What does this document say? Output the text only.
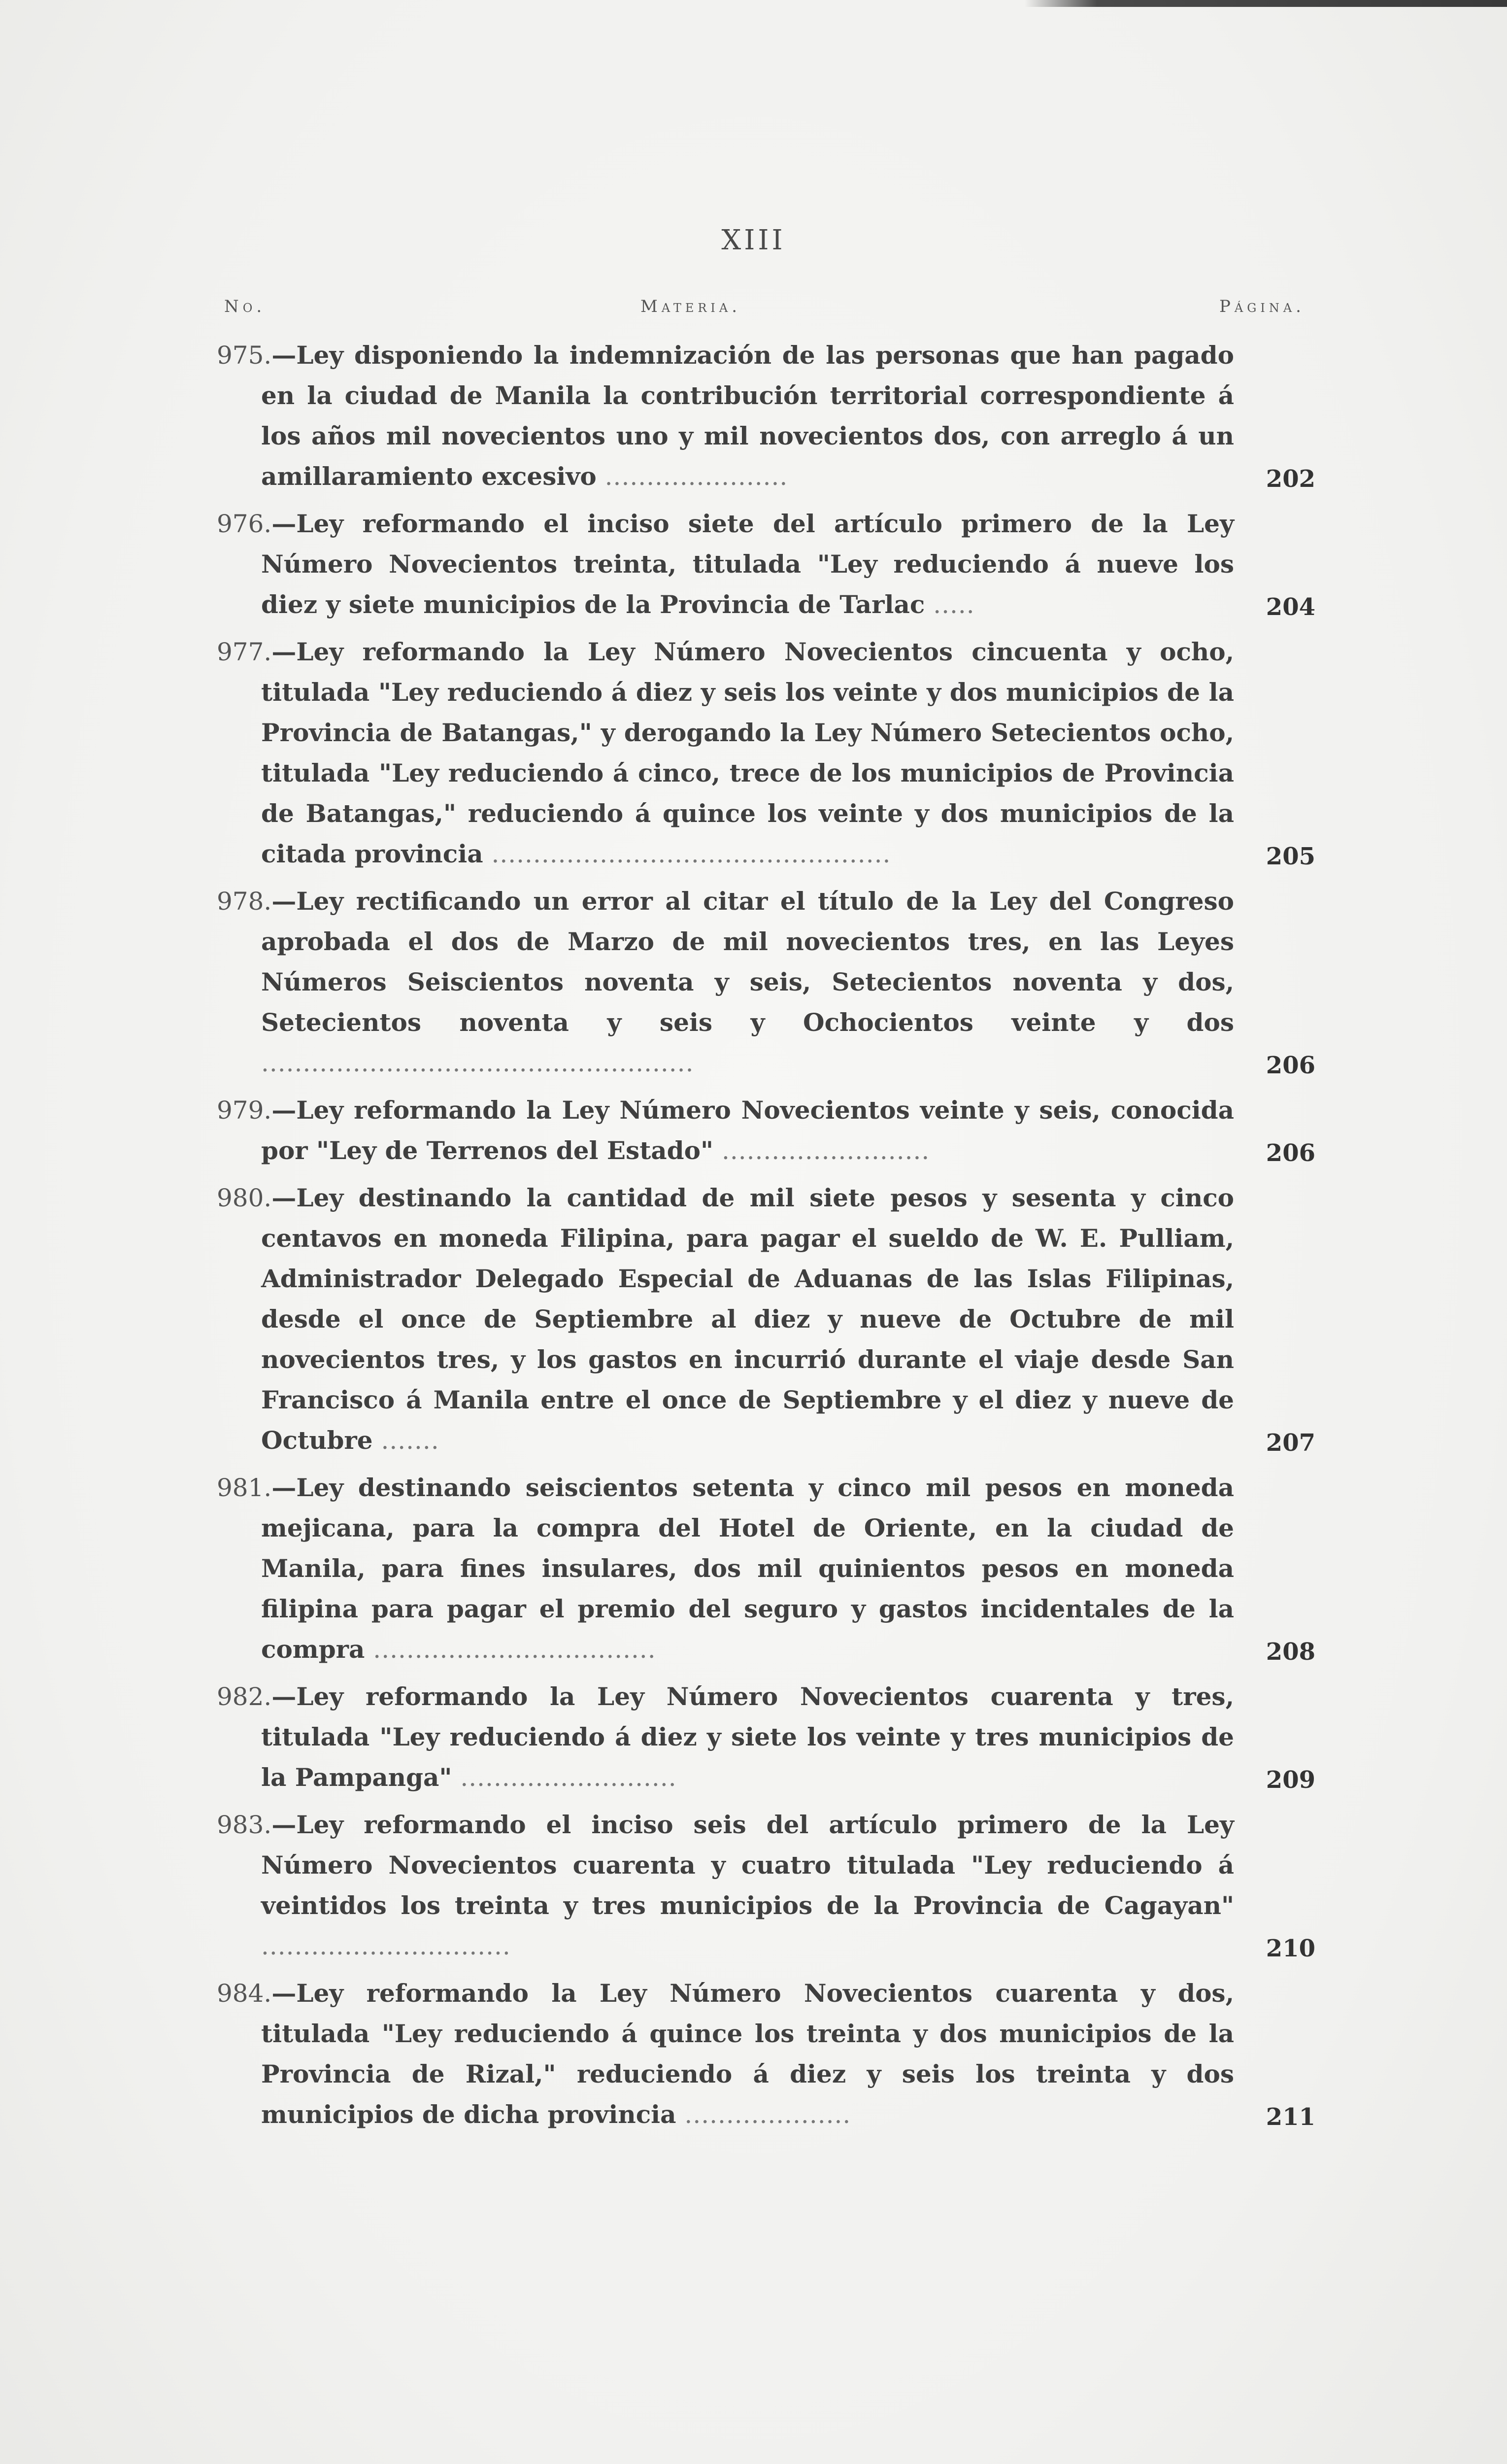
XIII
No.	Materia.	Página.
975.—Ley disponiendo la indemnización de las personas que han pagado en la ciudad de Manila la contribución territorial correspondiente á los años mil novecientos uno y mil novecientos dos, con arreglo á un amillaramiento excesivo ......................	202
976.—Ley reformando el inciso siete del artículo primero de la Ley Número Novecientos treinta, titulada "Ley reduciendo á nueve los diez y siete municipios de la Provincia de Tarlac .....	204
977.—Ley reformando la Ley Número Novecientos cincuenta y ocho, titulada "Ley reduciendo á diez y seis los veinte y dos municipios de la Provincia de Batangas," y derogando la Ley Número Setecientos ocho, titulada "Ley reduciendo á cinco, trece de los municipios de Provincia de Batangas," reduciendo á quince los veinte y dos municipios de la citada provincia ................................................	205
978.—Ley rectificando un error al citar el título de la Ley del Congreso aprobada el dos de Marzo de mil novecientos tres, en las Leyes Números Seiscientos noventa y seis, Setecientos noventa y dos, Setecientos noventa y seis y Ochocientos veinte y dos ....................................................	206
979.—Ley reformando la Ley Número Novecientos veinte y seis, conocida por "Ley de Terrenos del Estado" .........................	206
980.—Ley destinando la cantidad de mil siete pesos y sesenta y cinco centavos en moneda Filipina, para pagar el sueldo de W. E. Pulliam, Administrador Delegado Especial de Aduanas de las Islas Filipinas, desde el once de Septiembre al diez y nueve de Octubre de mil novecientos tres, y los gastos en incurrió durante el viaje desde San Francisco á Manila entre el once de Septiembre y el diez y nueve de Octubre .......	207
981.—Ley destinando seiscientos setenta y cinco mil pesos en moneda mejicana, para la compra del Hotel de Oriente, en la ciudad de Manila, para fines insulares, dos mil quinientos pesos en moneda filipina para pagar el premio del seguro y gastos incidentales de la compra ..................................	208
982.—Ley reformando la Ley Número Novecientos cuarenta y tres, titulada "Ley reduciendo á diez y siete los veinte y tres municipios de la Pampanga" ..........................	209
983.—Ley reformando el inciso seis del artículo primero de la Ley Número Novecientos cuarenta y cuatro titulada "Ley reduciendo á veintidos los treinta y tres municipios de la Provincia de Cagayan" ..............................	210
984.—Ley reformando la Ley Número Novecientos cuarenta y dos, titulada "Ley reduciendo á quince los treinta y dos municipios de la Provincia de Rizal," reduciendo á diez y seis los treinta y dos municipios de dicha provincia ....................	211
